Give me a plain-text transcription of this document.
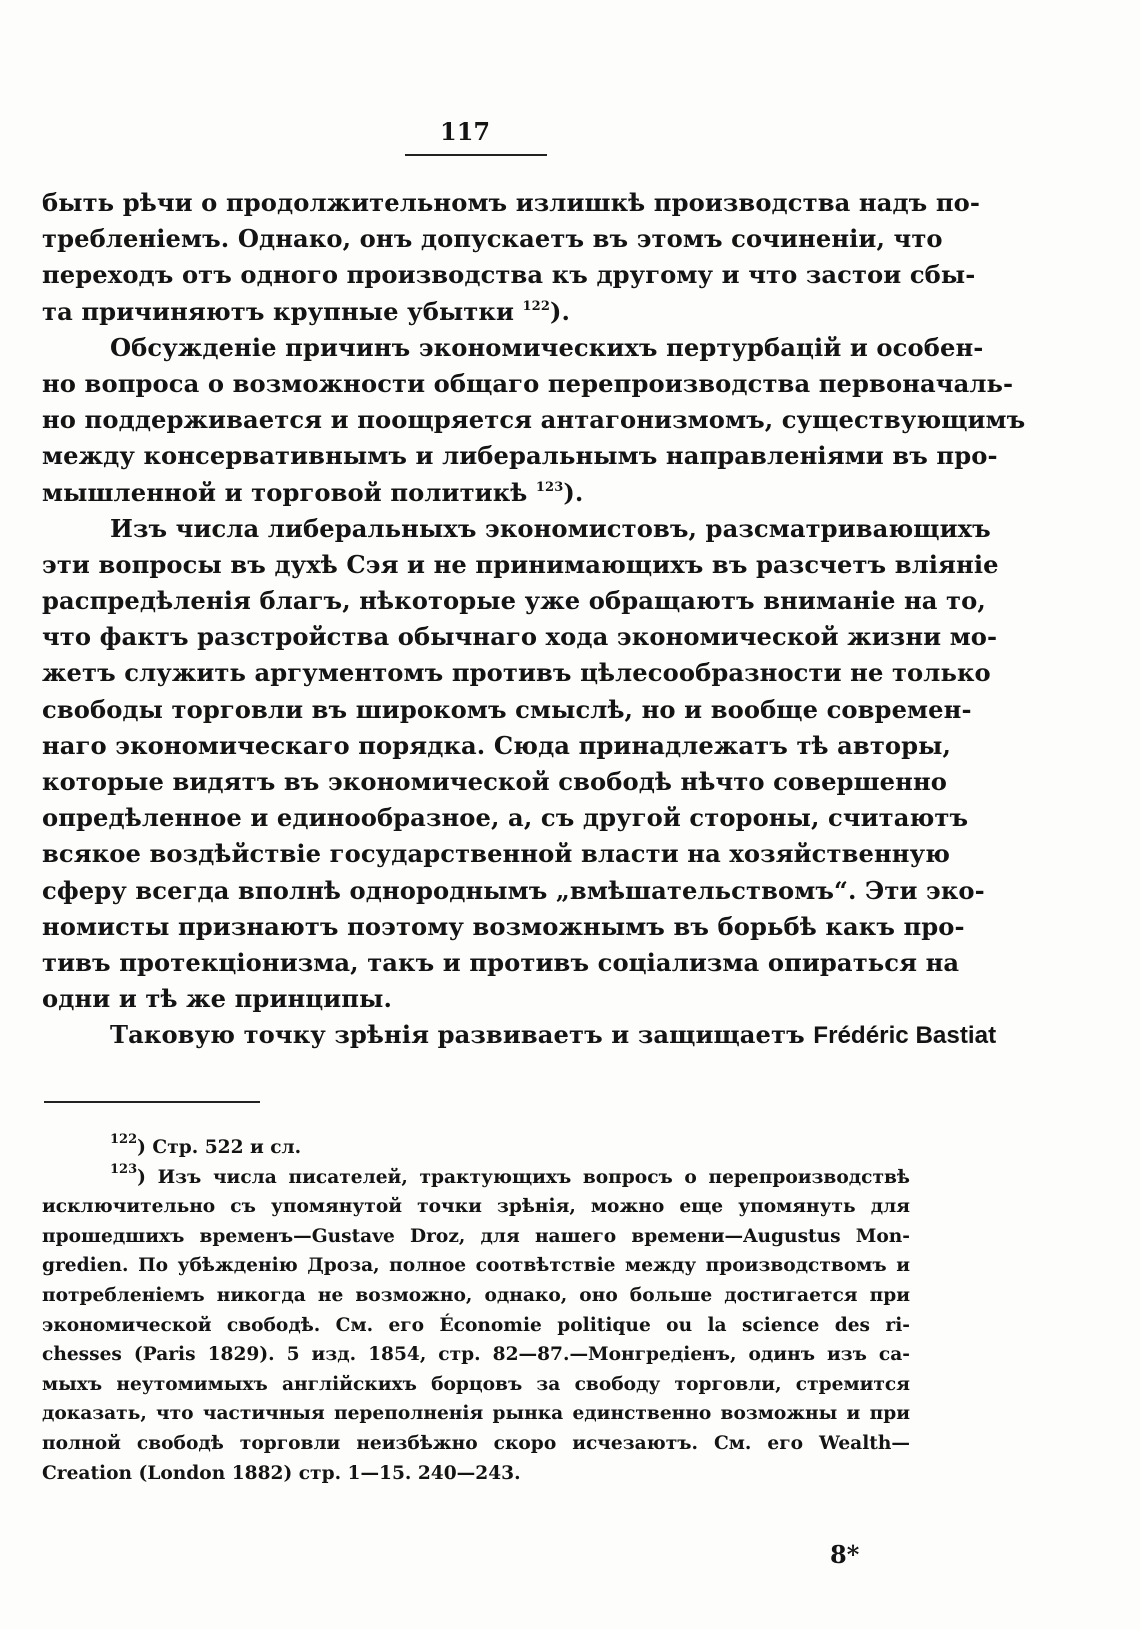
117
быть рѣчи о продолжительномъ излишкѣ производства надъ по-
требленіемъ. Однако, онъ допускаетъ въ этомъ сочиненіи, что
переходъ отъ одного производства къ другому и что застои сбы-
та причиняютъ крупные убытки $^{122}$).
Обсужденіе причинъ экономическихъ пертурбацій и особен-
но вопроса о возможности общаго перепроизводства первоначаль-
но поддерживается и поощряется антагонизмомъ, существующимъ
между консервативнымъ и либеральнымъ направленіями въ про-
мышленной и торговой политикѣ $^{123}$).
Изъ числа либеральныхъ экономистовъ, разсматривающихъ
эти вопросы въ духѣ Сэя и не принимающихъ въ разсчетъ вліяніе
распредѣленія благъ, нѣкоторые уже обращаютъ вниманіе на то,
что фактъ разстройства обычнаго хода экономической жизни мо-
жетъ служить аргументомъ противъ цѣлесообразности не только
свободы торговли въ широкомъ смыслѣ, но и вообще современ-
наго экономическаго порядка. Сюда принадлежатъ тѣ авторы,
которые видятъ въ экономической свободѣ нѣчто совершенно
опредѣленное и единообразное, а, съ другой стороны, считаютъ
всякое воздѣйствіе государственной власти на хозяйственную
сферу всегда вполнѣ однороднымъ „вмѣшательствомъ“. Эти эко-
номисты признаютъ поэтому возможнымъ въ борьбѣ какъ про-
тивъ протекціонизма, такъ и противъ соціализма опираться на
одни и тѣ же принципы.
Таковую точку зрѣнія развиваетъ и защищаетъ Frédéric Bastiat
$^{122}$) Стр. 522 и сл.
$^{123}$) Изъ числа писателей, трактующихъ вопросъ о перепроизводствѣ
исключительно съ упомянутой точки зрѣнія, можно еще упомянуть для
прошедшихъ временъ—Gustave Droz, для нашего времени—Augustus Mon-
gredien. По убѣжденію Дроза, полное соотвѣтствіе между производствомъ и
потребленіемъ никогда не возможно, однако, оно больше достигается при
экономической свободѣ. См. его Économie politique ou la science des ri-
chesses (Paris 1829). 5 изд. 1854, стр. 82—87.—Монгредіенъ, одинъ изъ са-
мыхъ неутомимыхъ англійскихъ борцовъ за свободу торговли, стремится
доказать, что частичныя переполненія рынка единственно возможны и при
полной свободѣ торговли неизбѣжно скоро исчезаютъ. См. его Wealth—
Creation (London 1882) стр. 1—15. 240—243.
8*
